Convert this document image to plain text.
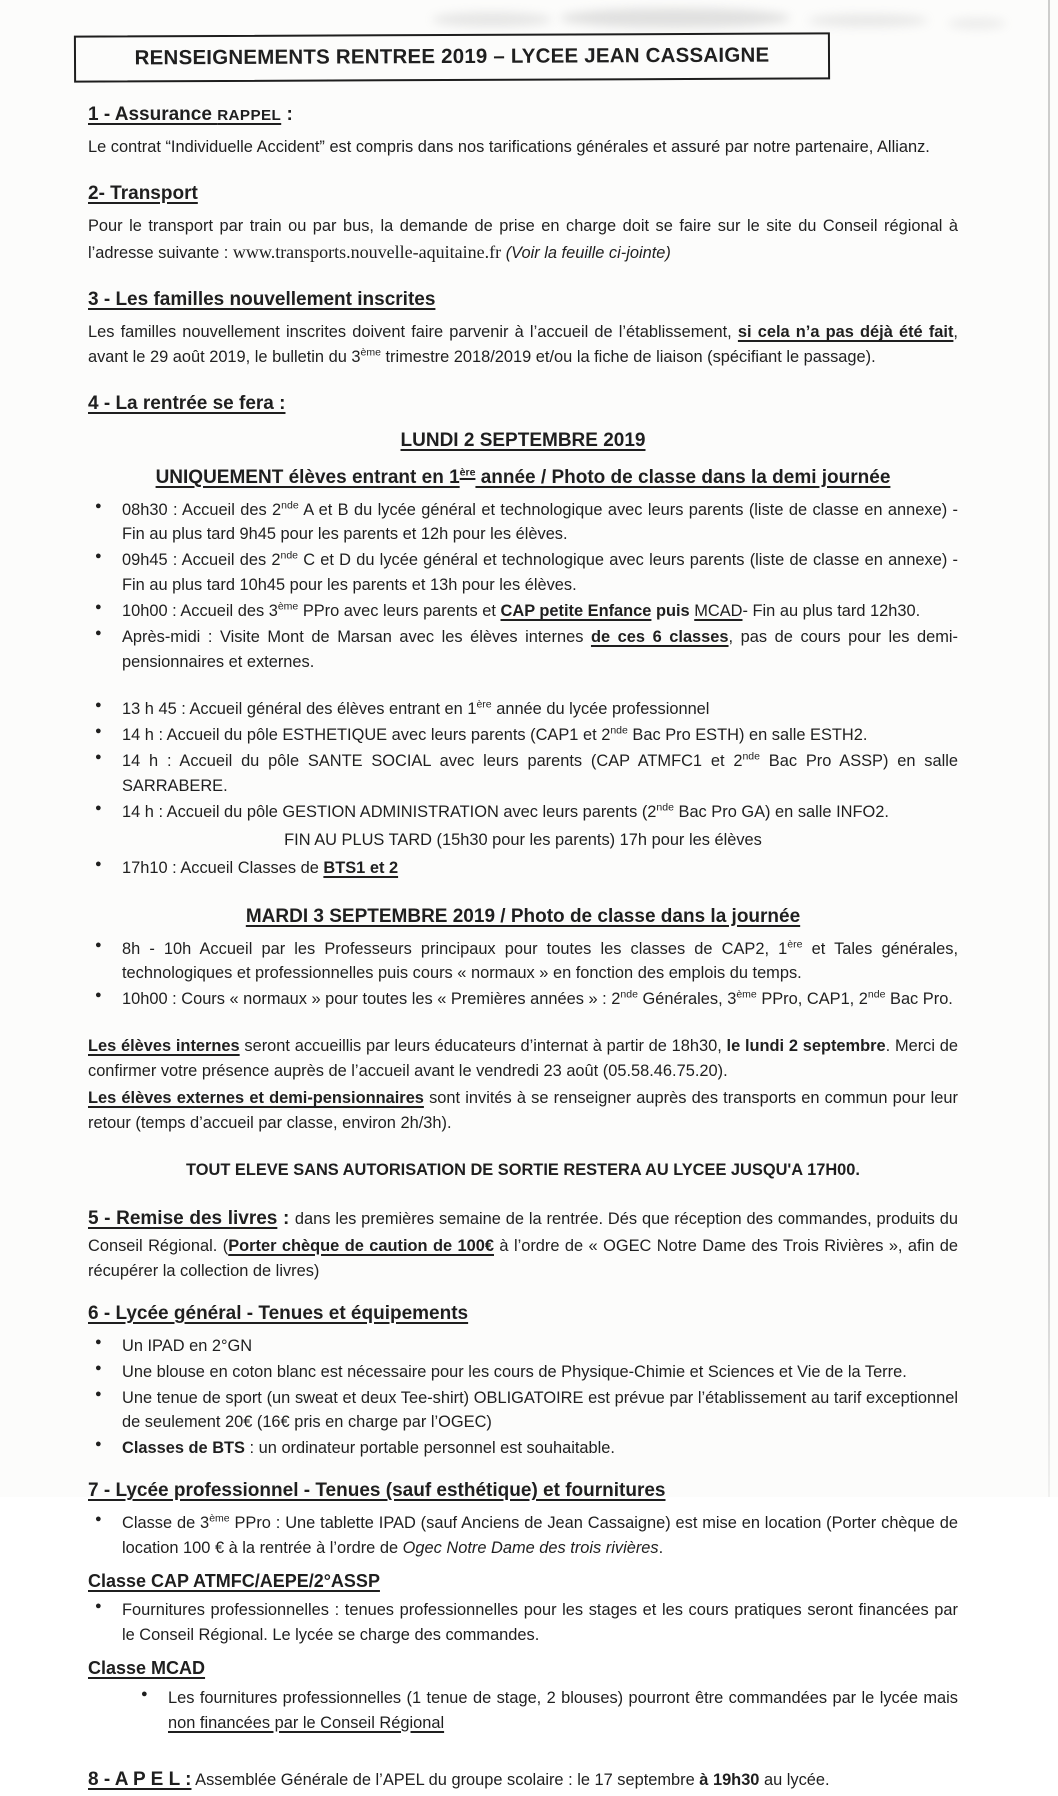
RENSEIGNEMENTS RENTREE 2019 – LYCEE JEAN CASSAIGNE
1 - Assurance RAPPEL :

Le contrat “Individuelle Accident” est compris dans nos tarifications générales et assuré par notre partenaire, Allianz.

2- Transport

Pour le transport par train ou par bus, la demande de prise en charge doit se faire sur le site du Conseil régional à l’adresse suivante : www.transports.nouvelle-aquitaine.fr (Voir la feuille ci-jointe)

3 - Les familles nouvellement inscrites

Les familles nouvellement inscrites doivent faire parvenir à l’accueil de l’établissement, si cela n’a pas déjà été fait, avant le 29 août 2019, le bulletin du 3ème trimestre 2018/2019 et/ou la fiche de liaison (spécifiant le passage).

4 - La rentrée se fera :
LUNDI 2 SEPTEMBRE 2019
UNIQUEMENT élèves entrant en 1ère année / Photo de classe dans la demi journée
●	08h30 : Accueil des 2nde A et B du lycée général et technologique avec leurs parents (liste de classe en annexe) - Fin au plus tard 9h45 pour les parents et 12h pour les élèves.
●	09h45 : Accueil des 2nde C et D du lycée général et technologique avec leurs parents (liste de classe en annexe) - Fin au plus tard 10h45 pour les parents et 13h pour les élèves.
●	10h00 : Accueil des 3ème PPro avec leurs parents et CAP petite Enfance puis MCAD- Fin au plus tard 12h30.
●	Après-midi : Visite Mont de Marsan avec les élèves internes de ces 6 classes, pas de cours pour les demi-pensionnaires et externes.
●	13 h 45 : Accueil général des élèves entrant en 1ère année du lycée professionnel
●	14 h : Accueil du pôle ESTHETIQUE avec leurs parents (CAP1 et 2nde Bac Pro ESTH) en salle ESTH2.
●	14 h : Accueil du pôle SANTE SOCIAL avec leurs parents (CAP ATMFC1 et 2nde Bac Pro ASSP) en salle SARRABERE.
●	14 h : Accueil du pôle GESTION ADMINISTRATION avec leurs parents (2nde Bac Pro GA) en salle INFO2.
FIN AU PLUS TARD (15h30 pour les parents) 17h pour les élèves
●	17h10 : Accueil Classes de BTS1 et 2
MARDI 3 SEPTEMBRE 2019 / Photo de classe dans la journée
●	8h - 10h Accueil par les Professeurs principaux pour toutes les classes de CAP2, 1ère et Tales générales, technologiques et professionnelles puis cours « normaux » en fonction des emplois du temps.
●	10h00 : Cours « normaux » pour toutes les « Premières années » : 2nde Générales, 3ème PPro, CAP1, 2nde Bac Pro.

Les élèves internes seront accueillis par leurs éducateurs d’internat à partir de 18h30, le lundi 2 septembre. Merci de confirmer votre présence auprès de l’accueil avant le vendredi 23 août (05.58.46.75.20).

Les élèves externes et demi-pensionnaires sont invités à se renseigner auprès des transports en commun pour leur retour (temps d’accueil par classe, environ 2h/3h).

TOUT ELEVE SANS AUTORISATION DE SORTIE RESTERA AU LYCEE JUSQU'A 17H00.

5 - Remise des livres : dans les premières semaine de la rentrée. Dés que réception des commandes, produits du Conseil Régional. (Porter chèque de caution de 100€ à l’ordre de « OGEC Notre Dame des Trois Rivières », afin de récupérer la collection de livres)

6 - Lycée général - Tenues et équipements
●	Un IPAD en 2°GN
●	Une blouse en coton blanc est nécessaire pour les cours de Physique-Chimie et Sciences et Vie de la Terre.
●	Une tenue de sport (un sweat et deux Tee-shirt) OBLIGATOIRE est prévue par l’établissement au tarif exceptionnel de seulement 20€ (16€ pris en charge par l’OGEC)
●	Classes de BTS : un ordinateur portable personnel est souhaitable.
7 - Lycée professionnel - Tenues (sauf esthétique) et fournitures
●	Classe de 3ème PPro : Une tablette IPAD (sauf Anciens de Jean Cassaigne) est mise en location (Porter chèque de location 100 € à la rentrée à l’ordre de Ogec Notre Dame des trois rivières.
Classe CAP ATMFC/AEPE/2°ASSP
●	Fournitures professionnelles : tenues professionnelles pour les stages et les cours pratiques seront financées par le Conseil Régional. Le lycée se charge des commandes.
Classe MCAD
●	Les fournitures professionnelles (1 tenue de stage, 2 blouses) pourront être commandées par le lycée mais non financées par le Conseil Régional

8 - A P E L : Assemblée Générale de l’APEL du groupe scolaire : le 17 septembre à 19h30 au lycée.
